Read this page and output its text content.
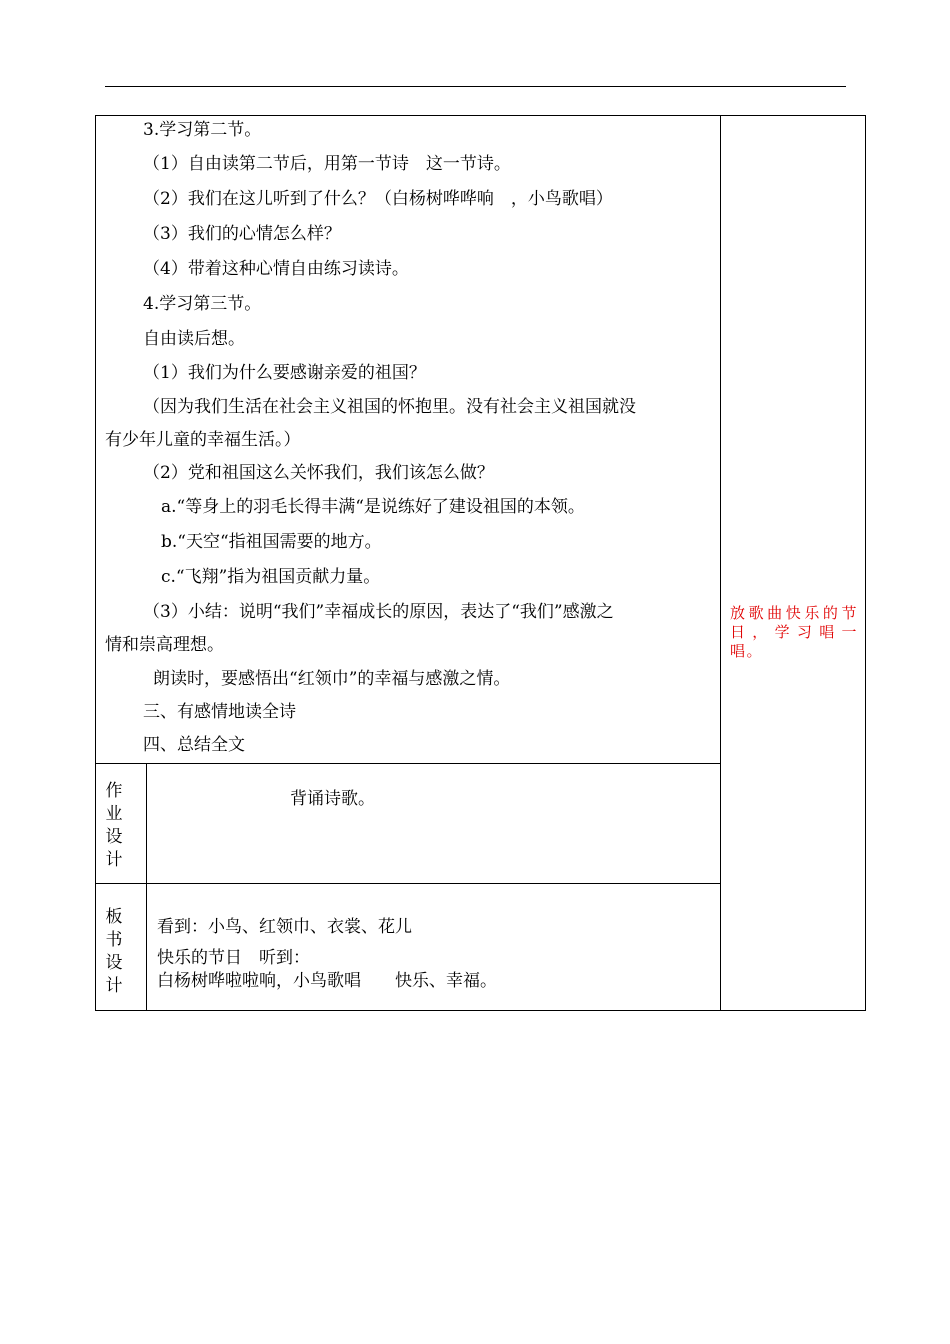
3.学习第二节。
（1）自由读第二节后，用第一节诗　这一节诗。
（2）我们在这儿听到了什么？（白杨树哗哗响　，小鸟歌唱）
（3）我们的心情怎么样？
（4）带着这种心情自由练习读诗。
4.学习第三节。
自由读后想。
（1）我们为什么要感谢亲爱的祖国？
（因为我们生活在社会主义祖国的怀抱里。没有社会主义祖国就没
有少年儿童的幸福生活。）
（2）党和祖国这么关怀我们，我们该怎么做？
a.“等身上的羽毛长得丰满“是说练好了建设祖国的本领。
b.“天空“指祖国需要的地方。
c.“飞翔”指为祖国贡献力量。
（3）小结：说明“我们”幸福成长的原因，表达了“我们”感激之
情和崇高理想。
朗读时，要感悟出“红领巾”的幸福与感激之情。
三、有感情地读全诗
四、总结全文
作
业
设
计
背诵诗歌。
板
书
设
计
看到：小鸟、红领巾、衣裳、花儿
快乐的节日　听到：
白杨树哗啦啦响，小鸟歌唱　　快乐、幸福。
放歌曲快乐的节日，学习唱一唱。
